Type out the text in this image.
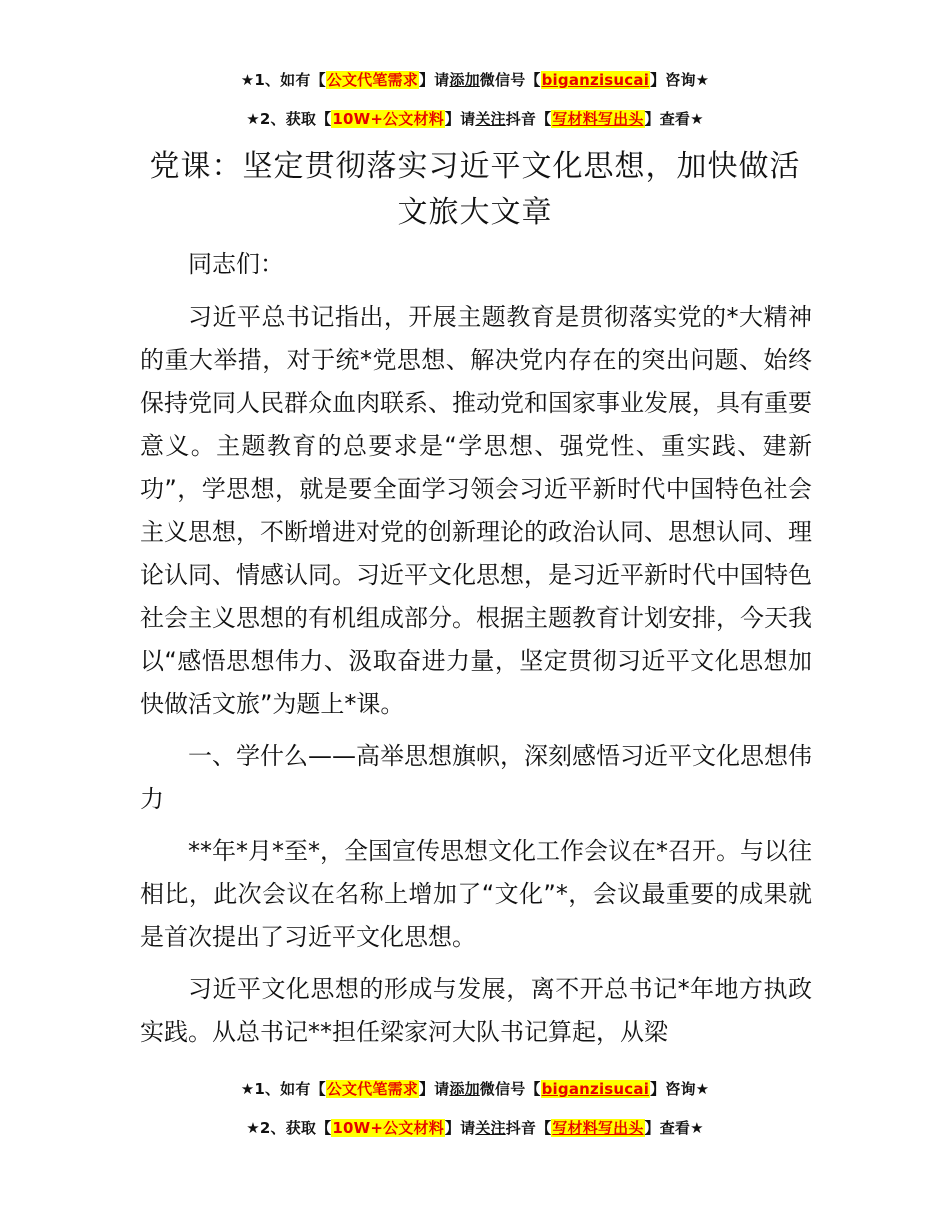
★1、如有【公文代笔需求】请添加微信号【biganzisucai】咨询★
★2、获取【10W+公文材料】请关注抖音【写材料写出头】查看★
党课：坚定贯彻落实习近平文化思想，加快做活文旅大文章

同志们：

习近平总书记指出，开展主题教育是贯彻落实党的*大精神的重大举措，对于统*党思想、解决党内存在的突出问题、始终保持党同人民群众血肉联系、推动党和国家事业发展，具有重要意义。主题教育的总要求是“学思想、强党性、重实践、建新功”，学思想，就是要全面学习领会习近平新时代中国特色社会主义思想，不断增进对党的创新理论的政治认同、思想认同、理论认同、情感认同。习近平文化思想，是习近平新时代中国特色社会主义思想的有机组成部分。根据主题教育计划安排，今天我以“感悟思想伟力、汲取奋进力量，坚定贯彻习近平文化思想加快做活文旅”为题上*课。

一、学什么——高举思想旗帜，深刻感悟习近平文化思想伟力

**年*月*至*，全国宣传思想文化工作会议在*召开。与以往相比，此次会议在名称上增加了“文化”*，会议最重要的成果就是首次提出了习近平文化思想。

习近平文化思想的形成与发展，离不开总书记*年地方执政实践。从总书记**担任梁家河大队书记算起，从梁

★1、如有【公文代笔需求】请添加微信号【biganzisucai】咨询★
★2、获取【10W+公文材料】请关注抖音【写材料写出头】查看★
